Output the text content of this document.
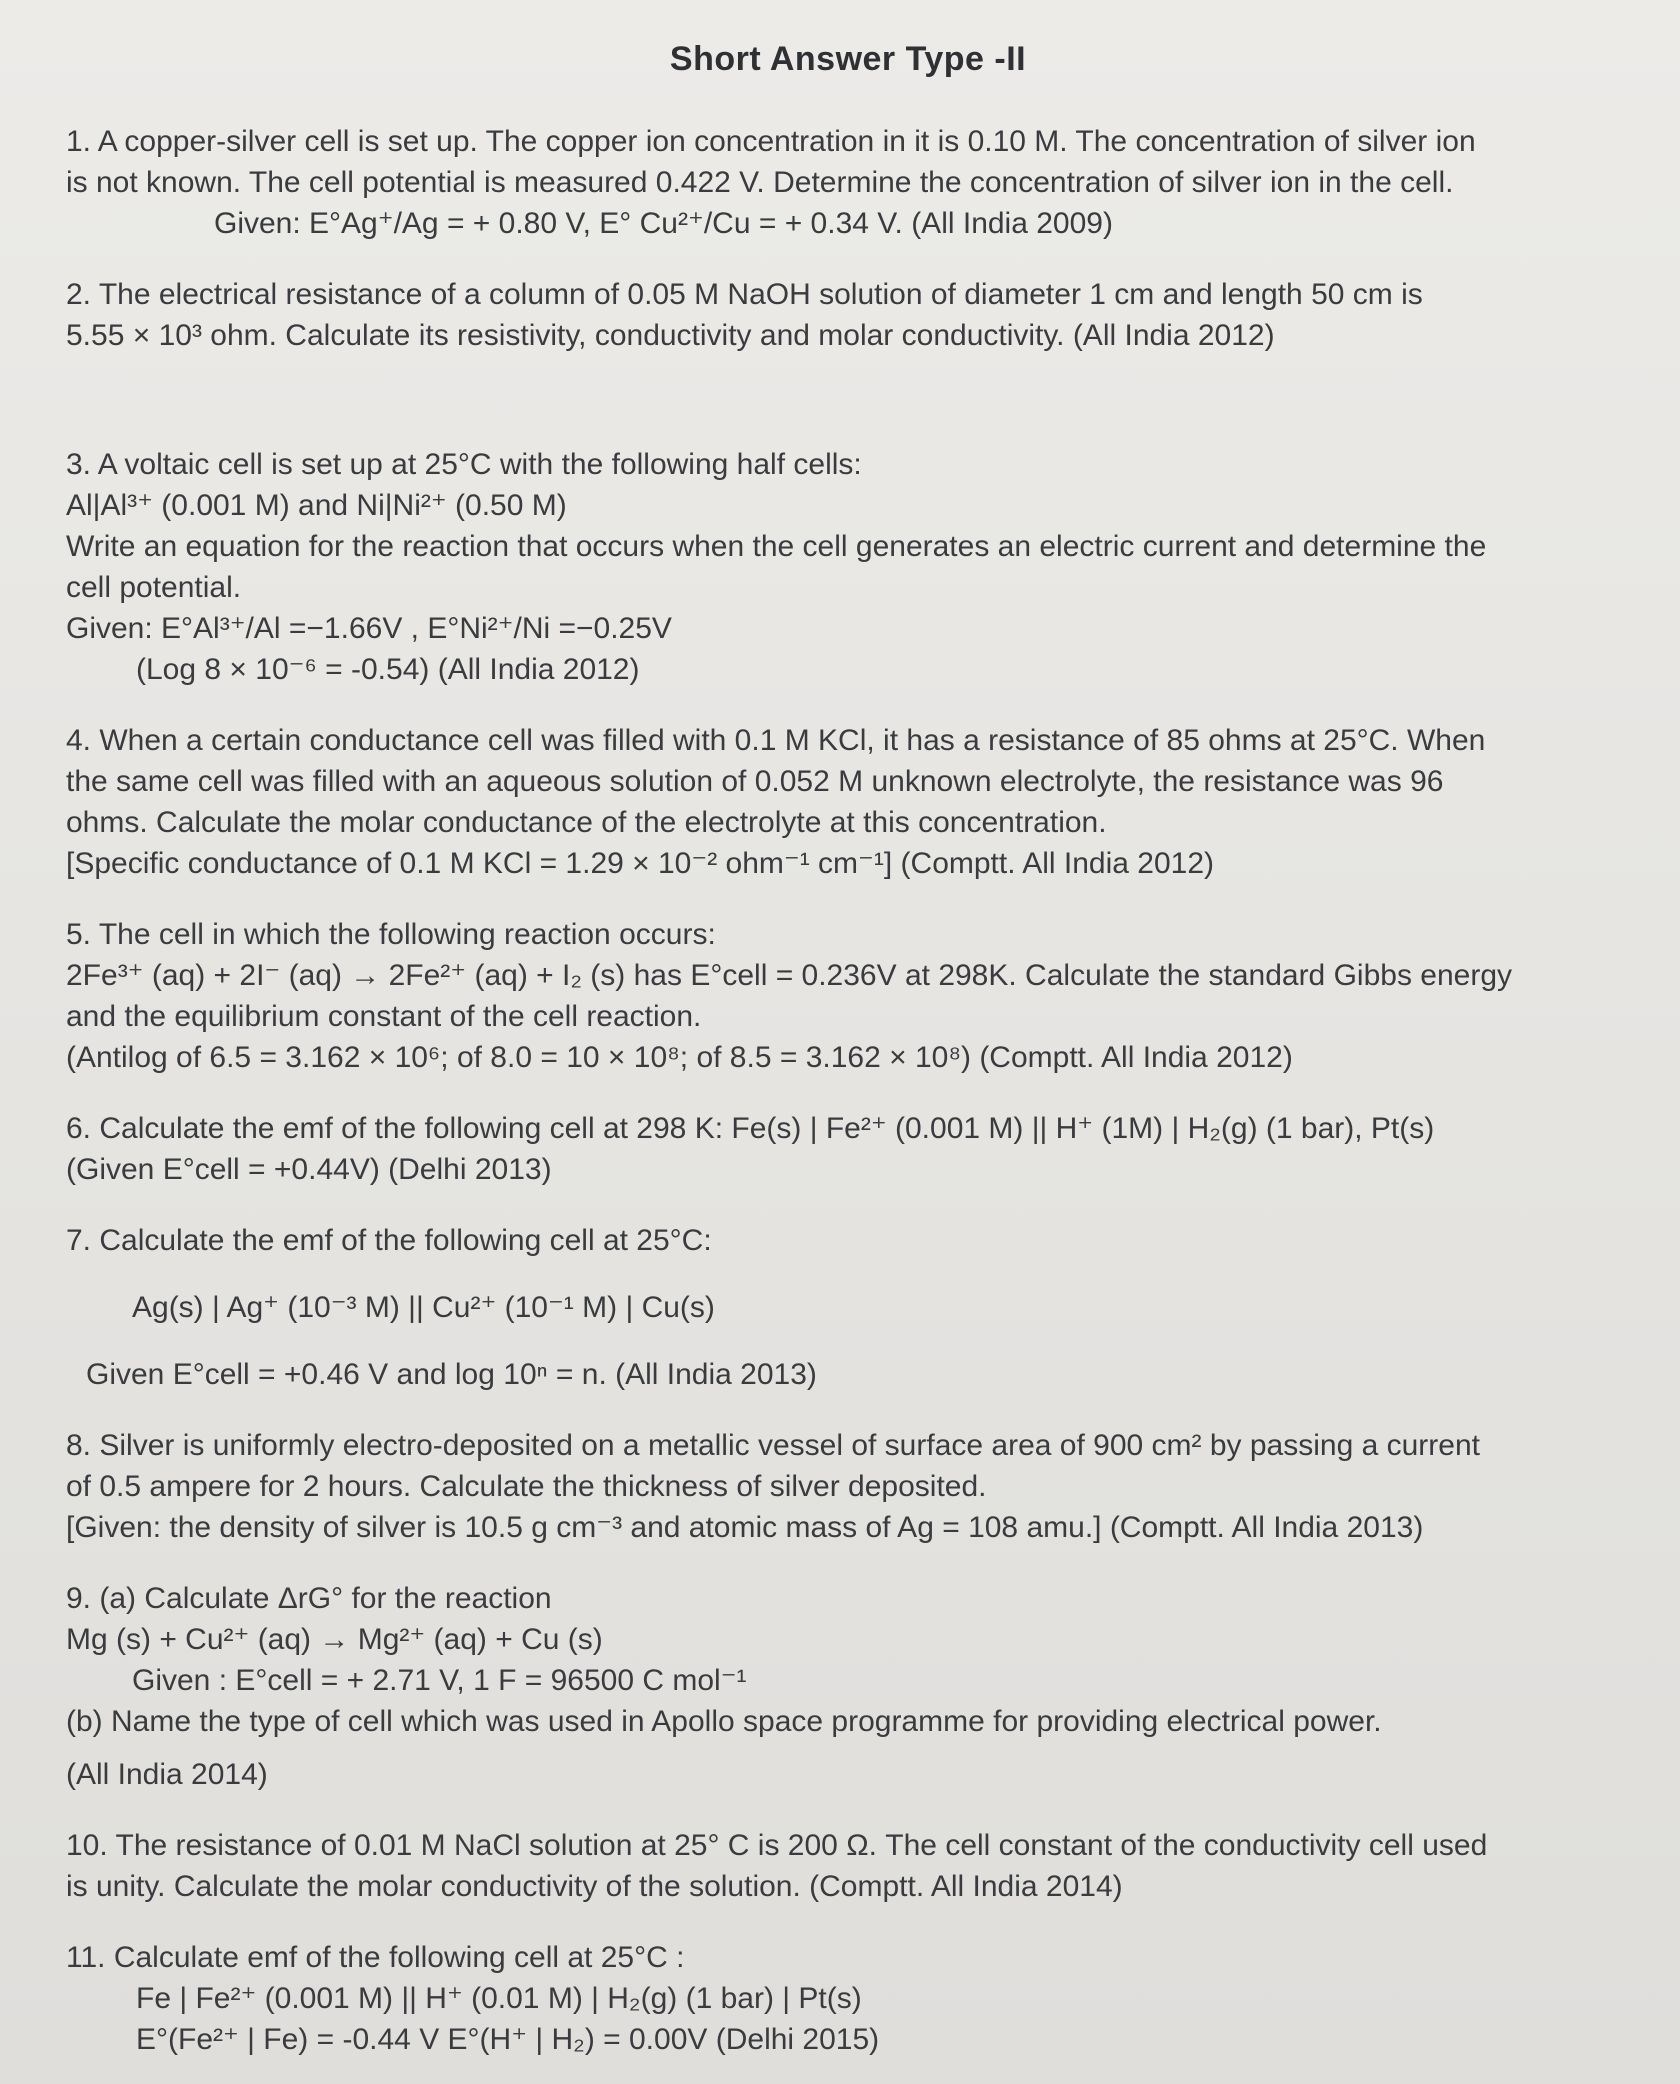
Short Answer Type -II
1. A copper-silver cell is set up. The copper ion concentration in it is 0.10 M. The concentration of silver ion
is not known. The cell potential is measured 0.422 V. Determine the concentration of silver ion in the cell.
Given: E°Ag⁺/Ag = + 0.80 V, E° Cu²⁺/Cu = + 0.34 V. (All India 2009)
2. The electrical resistance of a column of 0.05 M NaOH solution of diameter 1 cm and length 50 cm is
5.55 × 10³ ohm. Calculate its resistivity, conductivity and molar conductivity. (All India 2012)
3. A voltaic cell is set up at 25°C with the following half cells:
Al|Al³⁺ (0.001 M) and Ni|Ni²⁺ (0.50 M)
Write an equation for the reaction that occurs when the cell generates an electric current and determine the
cell potential.
Given: E°Al³⁺/Al =−1.66V , E°Ni²⁺/Ni =−0.25V
(Log 8 × 10⁻⁶ = -0.54) (All India 2012)
4. When a certain conductance cell was filled with 0.1 M KCl, it has a resistance of 85 ohms at 25°C. When
the same cell was filled with an aqueous solution of 0.052 M unknown electrolyte, the resistance was 96
ohms. Calculate the molar conductance of the electrolyte at this concentration.
[Specific conductance of 0.1 M KCl = 1.29 × 10⁻² ohm⁻¹ cm⁻¹] (Comptt. All India 2012)
5. The cell in which the following reaction occurs:
2Fe³⁺ (aq) + 2I⁻ (aq) → 2Fe²⁺ (aq) + I₂ (s) has E°cell = 0.236V at 298K. Calculate the standard Gibbs energy
and the equilibrium constant of the cell reaction.
(Antilog of 6.5 = 3.162 × 10⁶; of 8.0 = 10 × 10⁸; of 8.5 = 3.162 × 10⁸) (Comptt. All India 2012)
6. Calculate the emf of the following cell at 298 K: Fe(s) | Fe²⁺ (0.001 M) || H⁺ (1M) | H₂(g) (1 bar), Pt(s)
(Given E°cell = +0.44V) (Delhi 2013)
7. Calculate the emf of the following cell at 25°C:
Ag(s) | Ag⁺ (10⁻³ M) || Cu²⁺ (10⁻¹ M) | Cu(s)
Given E°cell = +0.46 V and log 10ⁿ = n. (All India 2013)
8. Silver is uniformly electro-deposited on a metallic vessel of surface area of 900 cm² by passing a current
of 0.5 ampere for 2 hours. Calculate the thickness of silver deposited.
[Given: the density of silver is 10.5 g cm⁻³ and atomic mass of Ag = 108 amu.] (Comptt. All India 2013)
9. (a) Calculate ΔrG° for the reaction
Mg (s) + Cu²⁺ (aq) → Mg²⁺ (aq) + Cu (s)
Given : E°cell = + 2.71 V, 1 F = 96500 C mol⁻¹
(b) Name the type of cell which was used in Apollo space programme for providing electrical power.
(All India 2014)
10. The resistance of 0.01 M NaCl solution at 25° C is 200 Ω. The cell constant of the conductivity cell used
is unity. Calculate the molar conductivity of the solution. (Comptt. All India 2014)
11. Calculate emf of the following cell at 25°C :
Fe | Fe²⁺ (0.001 M) || H⁺ (0.01 M) | H₂(g) (1 bar) | Pt(s)
E°(Fe²⁺ | Fe) = -0.44 V E°(H⁺ | H₂) = 0.00V (Delhi 2015)
